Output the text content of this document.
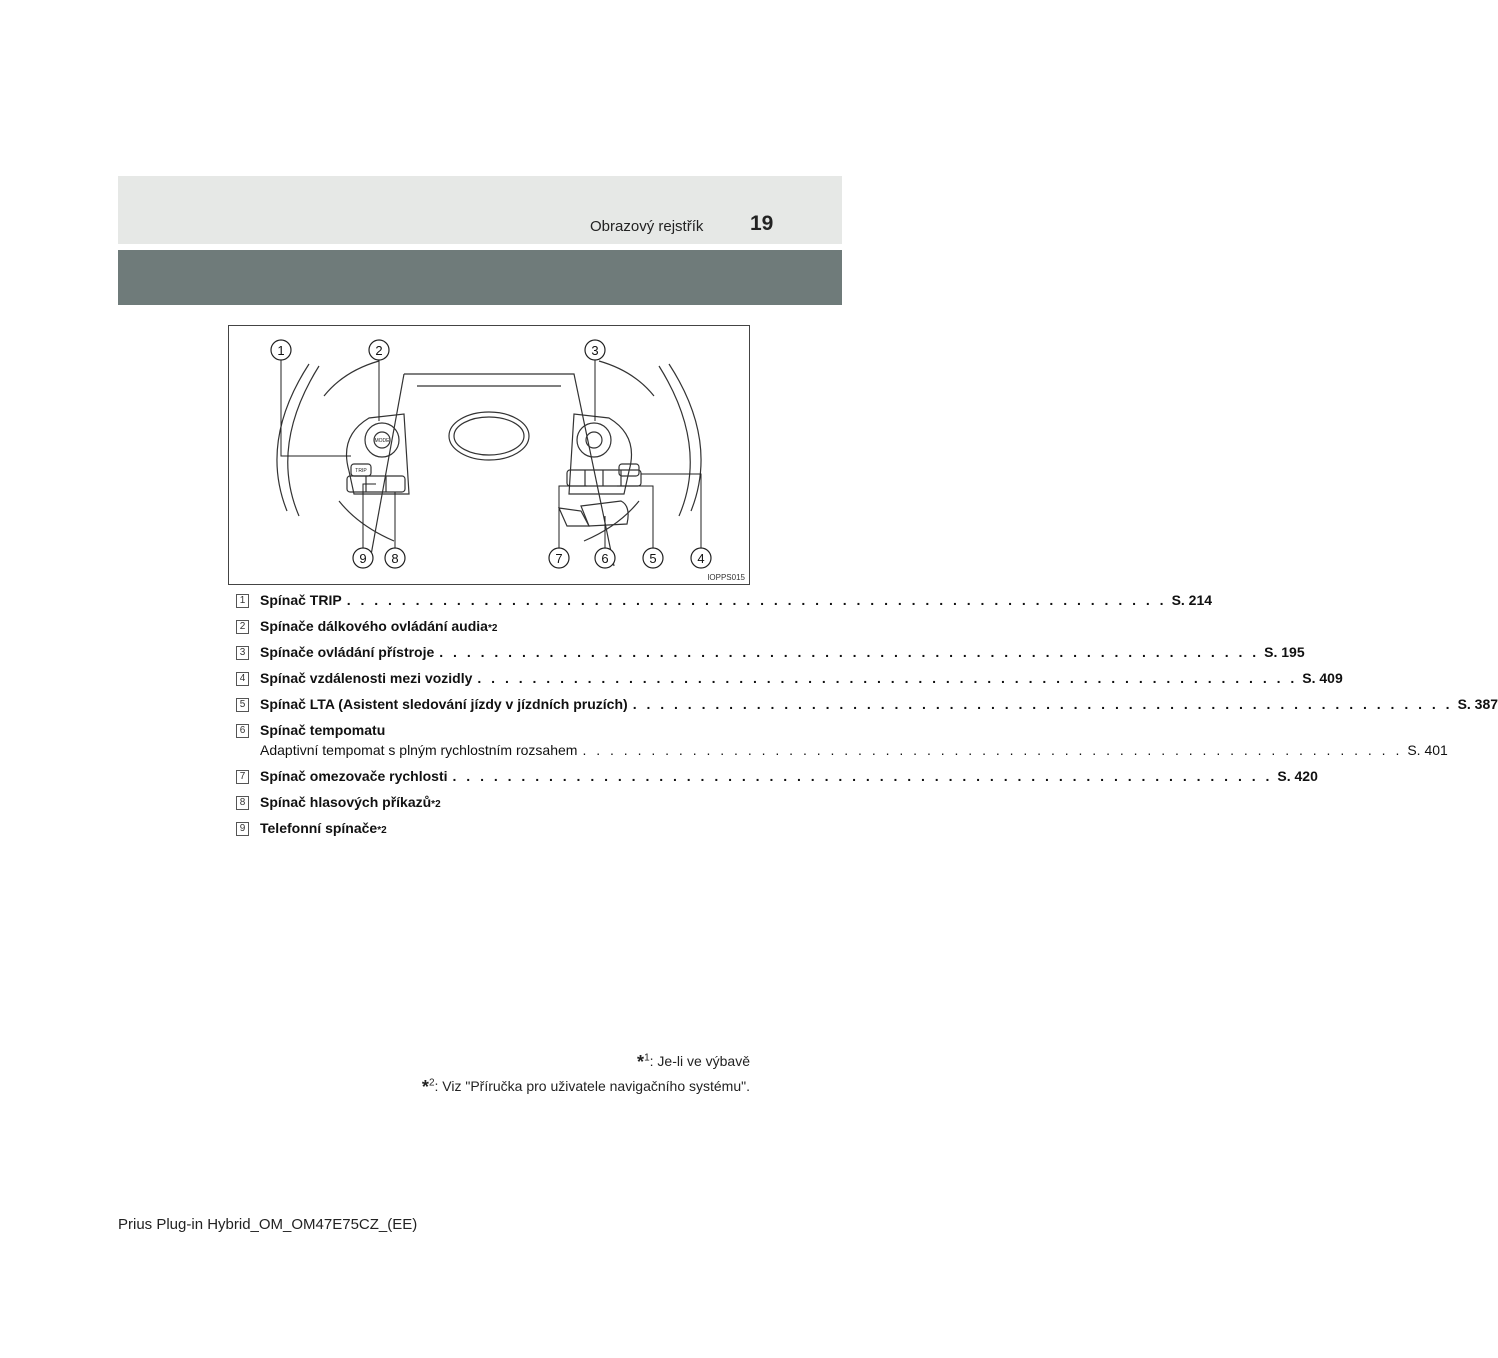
Obrazový rejstřík 19
1	2	3
4
5
6
7
8
9
TRIP
MODE
IOPPS015
1 Spínač TRIP . . . . . . . . . . . . . . . . . . . . . . . . . . . . . . . . . . . . . . . . . . . . . . . . . . . . . . . . . . . . S. 214
2 Spínače dálkového ovládání audia *2
3 Spínače ovládání přístroje . . . . . . . . . . . . . . . . . . . . . . . . . . . . . . . . . . . . . . . . . . . . . . . . . . . . . . . . . . . . S. 195
4 Spínač vzdálenosti mezi vozidly . . . . . . . . . . . . . . . . . . . . . . . . . . . . . . . . . . . . . . . . . . . . . . . . . . . . . . . . . . . . S. 409
5 Spínač LTA (Asistent sledování jízdy v jízdních pruzích) . . . . . . . . . . . . . . . . . . . . . . . . . . . . . . . . . . . . . . . . . . . . . . . . . . . . . . . . . . . . S. 387
6 Spínač tempomatu
Adaptivní tempomat s plným rychlostním rozsahem . . . . . . . . . . . . . . . . . . . . . . . . . . . . . . . . . . . . . . . . . . . . . . . . . . . . . . . . . . . . S. 401
7 Spínač omezovače rychlosti . . . . . . . . . . . . . . . . . . . . . . . . . . . . . . . . . . . . . . . . . . . . . . . . . . . . . . . . . . . . S. 420
8 Spínač hlasových příkazů *2
9 Telefonní spínače *2
*$^1$: Je-li ve výbavě
*$^2$: Viz "Příručka pro uživatele navigačního systému".
Prius Plug-in Hybrid_OM_OM47E75CZ_(EE)
